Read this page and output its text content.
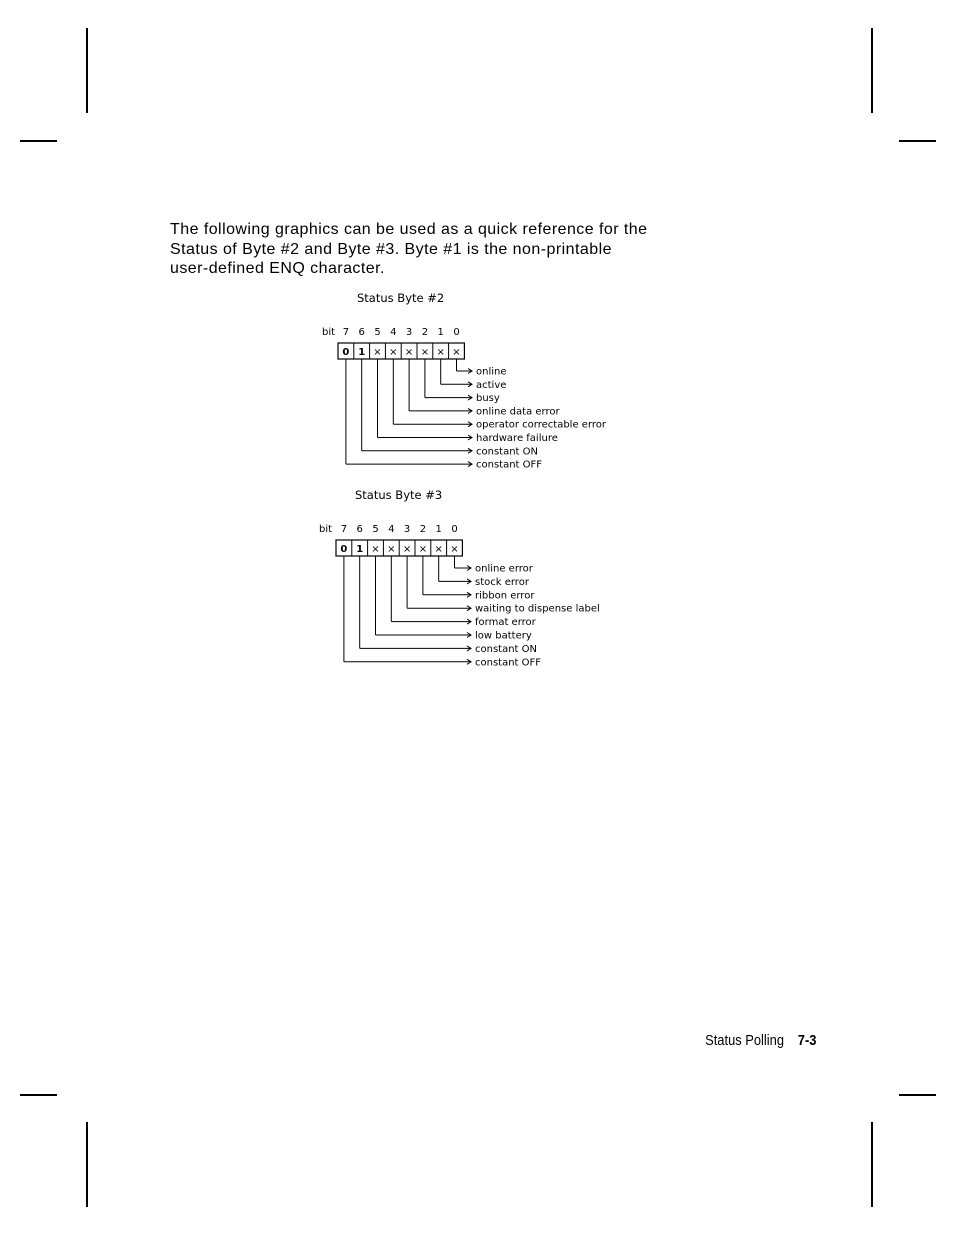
The following graphics can be used as a quick reference for the
Status of Byte #2 and Byte #3. Byte #1 is the non-printable
user-defined ENQ character.
Status Byte #2
bit 7 6 5 4 3 2 1 0
0 1 × × × × × ×
online
active
busy
online data error
operator correctable error
hardware failure
constant ON
constant OFF
Status Byte #3
bit 7 6 5 4 3 2 1 0
0 1 × × × × × ×
online error
stock error
ribbon error
waiting to dispense label
format error
low battery
constant ON
constant OFF
Status Polling 7-3
